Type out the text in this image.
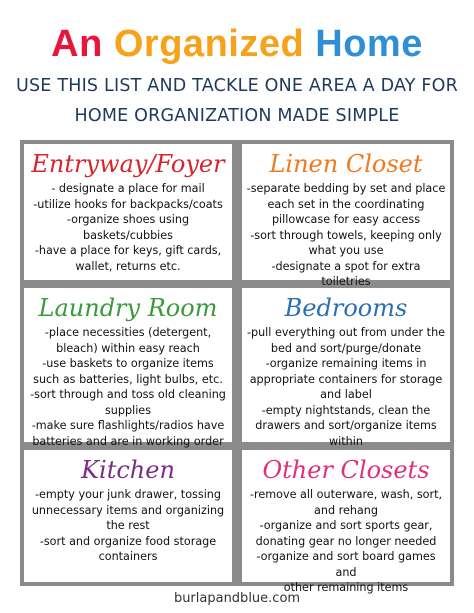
An Organized Home
USE THIS LIST AND TACKLE ONE AREA A DAY FOR
HOME ORGANIZATION MADE SIMPLE
Entryway/Foyer
- designate a place for mail
-utilize hooks for backpacks/coats
-organize shoes using
baskets/cubbies
-have a place for keys, gift cards,
wallet, returns etc.
Linen Closet
-separate bedding by set and place
each set in the coordinating
pillowcase for easy access
-sort through towels, keeping only
what you use
-designate a spot for extra toiletries
Laundry Room
-place necessities (detergent,
bleach) within easy reach
-use baskets to organize items
such as batteries, light bulbs, etc.
-sort through and toss old cleaning
supplies
-make sure flashlights/radios have
batteries and are in working order
Bedrooms
-pull everything out from under the
bed and sort/purge/donate
-organize remaining items in
appropriate containers for storage
and label
-empty nightstands, clean the
drawers and sort/organize items
within
Kitchen
-empty your junk drawer, tossing
unnecessary items and organizing
the rest
-sort and organize food storage
containers
Other Closets
-remove all outerware, wash, sort,
and rehang
-organize and sort sports gear,
donating gear no longer needed
-organize and sort board games and
other remaining items
burlapandblue.com
